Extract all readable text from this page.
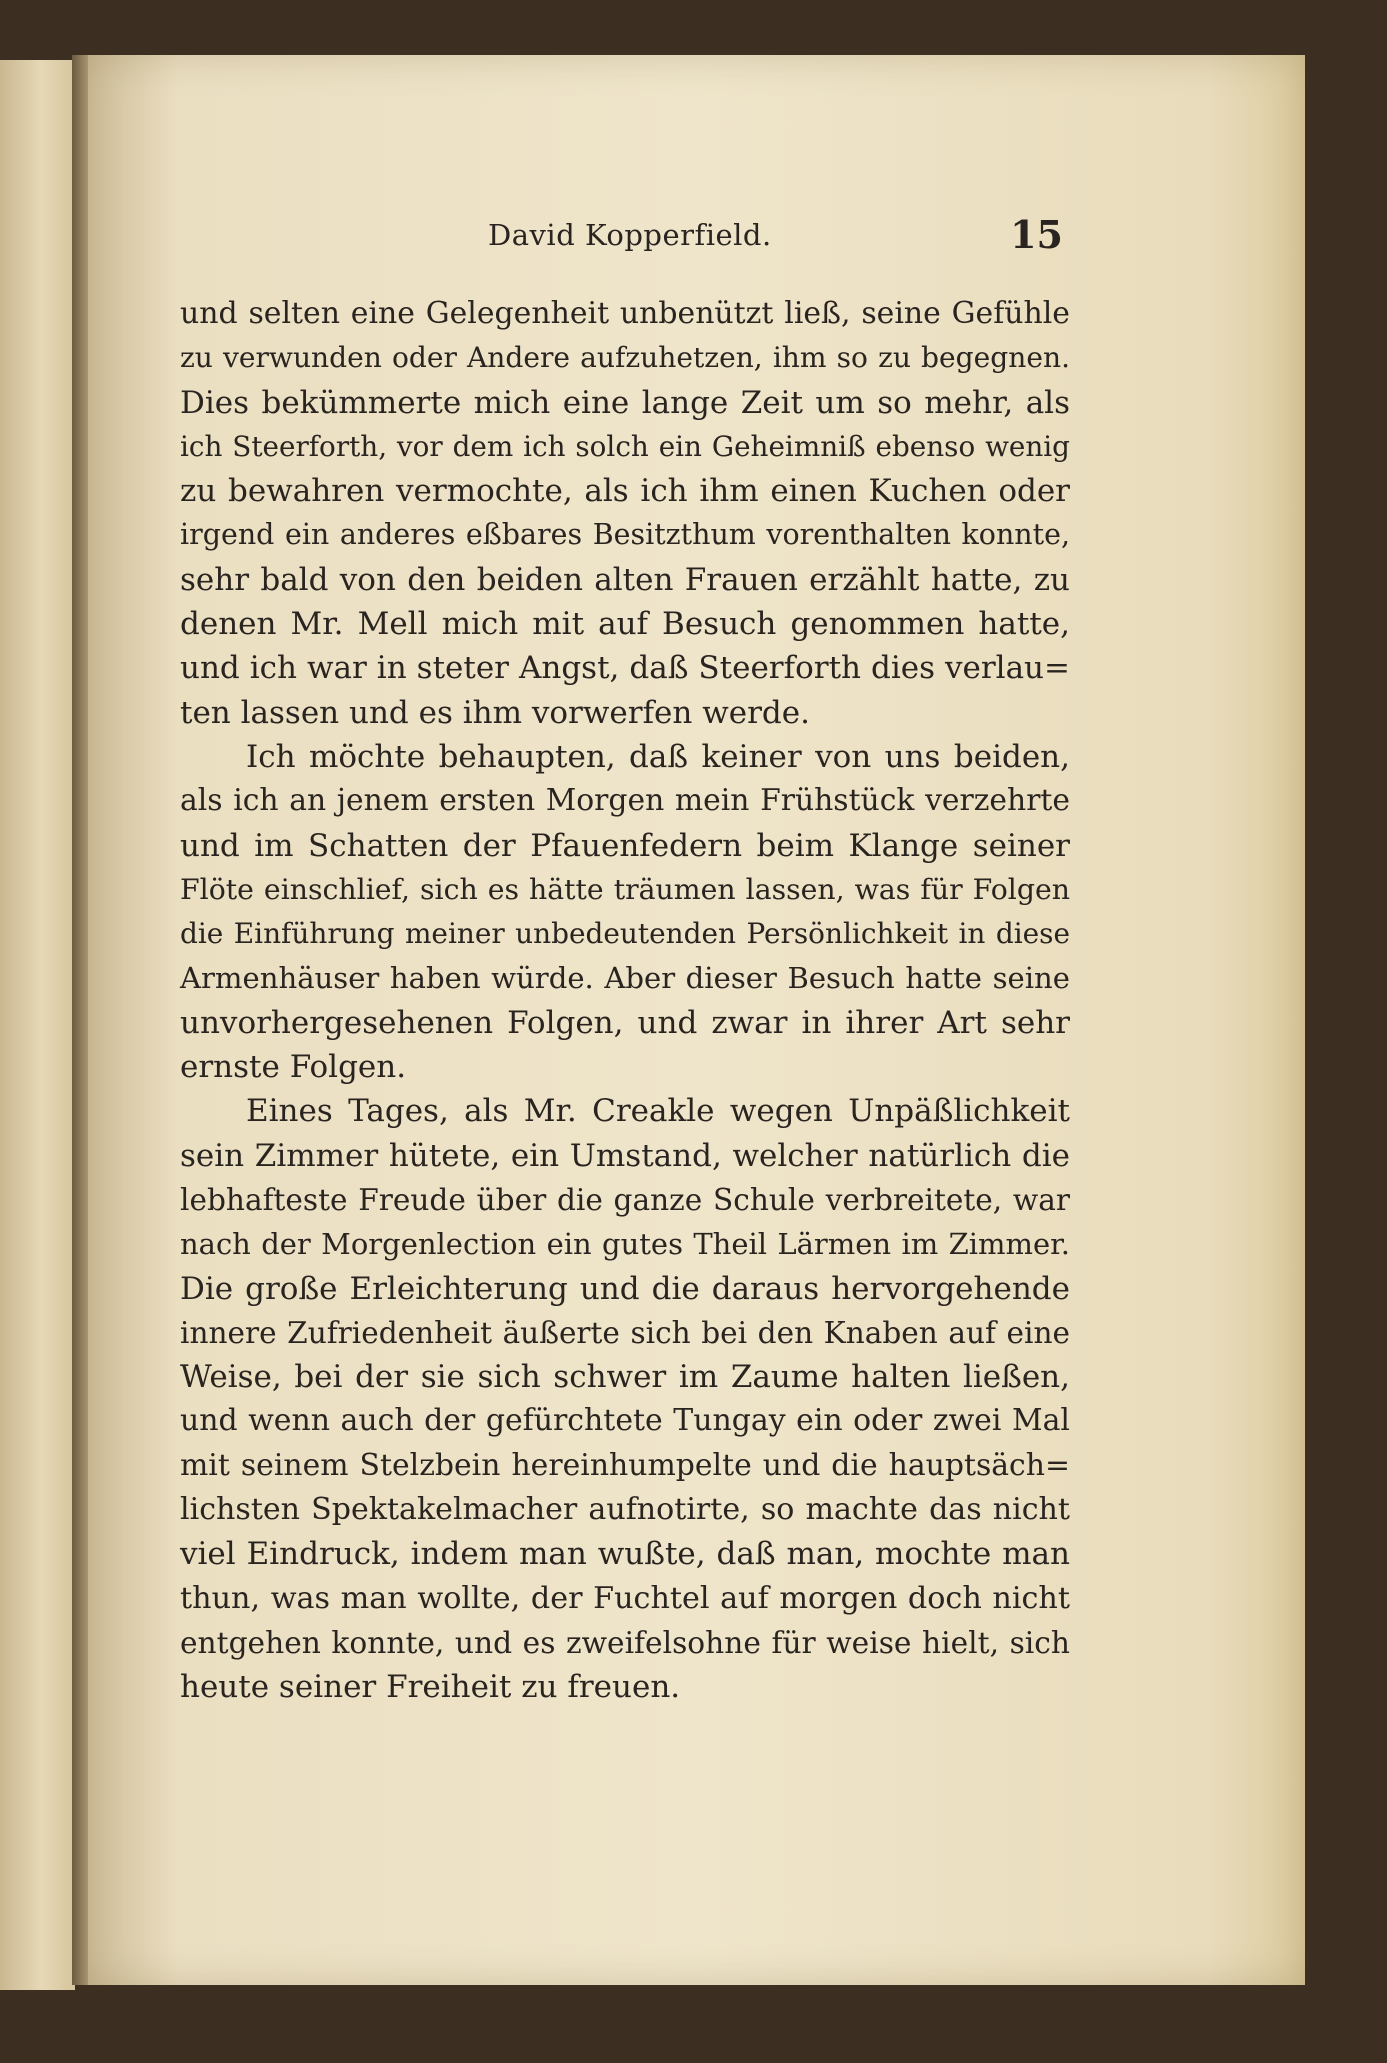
David Kopperfield.	15
und selten eine Gelegenheit unbenützt ließ, seine Gefühle
zu verwunden oder Andere aufzuhetzen, ihm so zu begegnen.
Dies bekümmerte mich eine lange Zeit um so mehr, als
ich Steerforth, vor dem ich solch ein Geheimniß ebenso wenig
zu bewahren vermochte, als ich ihm einen Kuchen oder
irgend ein anderes eßbares Besitzthum vorenthalten konnte,
sehr bald von den beiden alten Frauen erzählt hatte, zu
denen Mr. Mell mich mit auf Besuch genommen hatte,
und ich war in steter Angst, daß Steerforth dies verlau=
ten lassen und es ihm vorwerfen werde.
Ich möchte behaupten, daß keiner von uns beiden,
als ich an jenem ersten Morgen mein Frühstück verzehrte
und im Schatten der Pfauenfedern beim Klange seiner
Flöte einschlief, sich es hätte träumen lassen, was für Folgen
die Einführung meiner unbedeutenden Persönlichkeit in diese
Armenhäuser haben würde. Aber dieser Besuch hatte seine
unvorhergesehenen Folgen, und zwar in ihrer Art sehr
ernste Folgen.
Eines Tages, als Mr. Creakle wegen Unpäßlichkeit
sein Zimmer hütete, ein Umstand, welcher natürlich die
lebhafteste Freude über die ganze Schule verbreitete, war
nach der Morgenlection ein gutes Theil Lärmen im Zimmer.
Die große Erleichterung und die daraus hervorgehende
innere Zufriedenheit äußerte sich bei den Knaben auf eine
Weise, bei der sie sich schwer im Zaume halten ließen,
und wenn auch der gefürchtete Tungay ein oder zwei Mal
mit seinem Stelzbein hereinhumpelte und die hauptsäch=
lichsten Spektakelmacher aufnotirte, so machte das nicht
viel Eindruck, indem man wußte, daß man, mochte man
thun, was man wollte, der Fuchtel auf morgen doch nicht
entgehen konnte, und es zweifelsohne für weise hielt, sich
heute seiner Freiheit zu freuen.
